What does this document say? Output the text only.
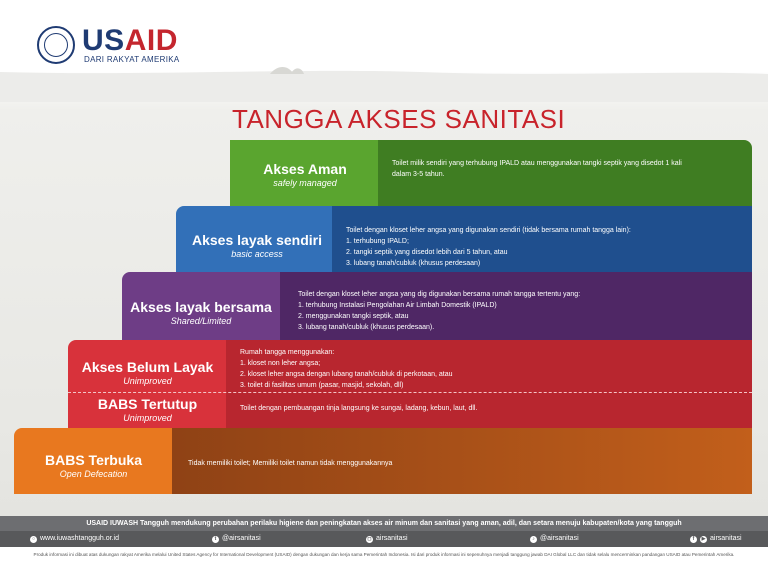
USAID
DARI RAKYAT AMERIKA
TANGGA AKSES SANITASI
Akses Aman
safely managed
Toilet milik sendiri yang terhubung IPALD atau menggunakan tangki septik yang disedot 1 kali
dalam 3-5 tahun.
Akses layak sendiri
basic access
Toilet dengan kloset leher angsa yang digunakan sendiri (tidak bersama rumah tangga lain):
1. terhubung IPALD;
2. tangki septik yang disedot lebih dari 5 tahun, atau
3. lubang tanah/cubluk (khusus perdesaan)
Akses layak bersama
Shared/Limited
Toilet dengan kloset leher angsa yang dig digunakan bersama rumah tangga tertentu yang:
1. terhubung Instalasi Pengolahan Air Limbah Domestik (IPALD)
2. menggunakan tangki septik, atau
3. lubang tanah/cubluk (khusus perdesaan).
Akses Belum Layak
Unimproved
Rumah tangga menggunakan:
1. kloset non leher angsa;
2. kloset leher angsa dengan lubang tanah/cubluk di perkotaan, atau
3. toilet di fasilitas umum (pasar, masjid, sekolah, dll)
BABS Tertutup
Unimproved
Toilet dengan pembuangan tinja langsung ke sungai, ladang, kebun, laut, dll.
BABS Terbuka
Open Defecation
Tidak memiliki toilet; Memiliki toilet namun tidak menggunakannya
USAID IUWASH Tangguh mendukung perubahan perilaku higiene dan peningkatan akses air minum dan sanitasi yang aman, adil, dan setara menuju kabupaten/kota yang tangguh
○ www.iuwashtangguh.or.id	t @airsanitasi	◻ airsanitasi	♪ @airsanitasi	f	▶ airsanitasi
Produk informasi ini dibuat atas dukungan rakyat Amerika melalui United States Agency for International Development (USAID) dengan dukungan dan kerja sama Pemerintah Indonesia. Isi dari produk informasi ini sepenuhnya menjadi tanggung jawab DAI Global LLC dan tidak selalu mencerminkan pandangan USAID atau Pemerintah Amerika.
